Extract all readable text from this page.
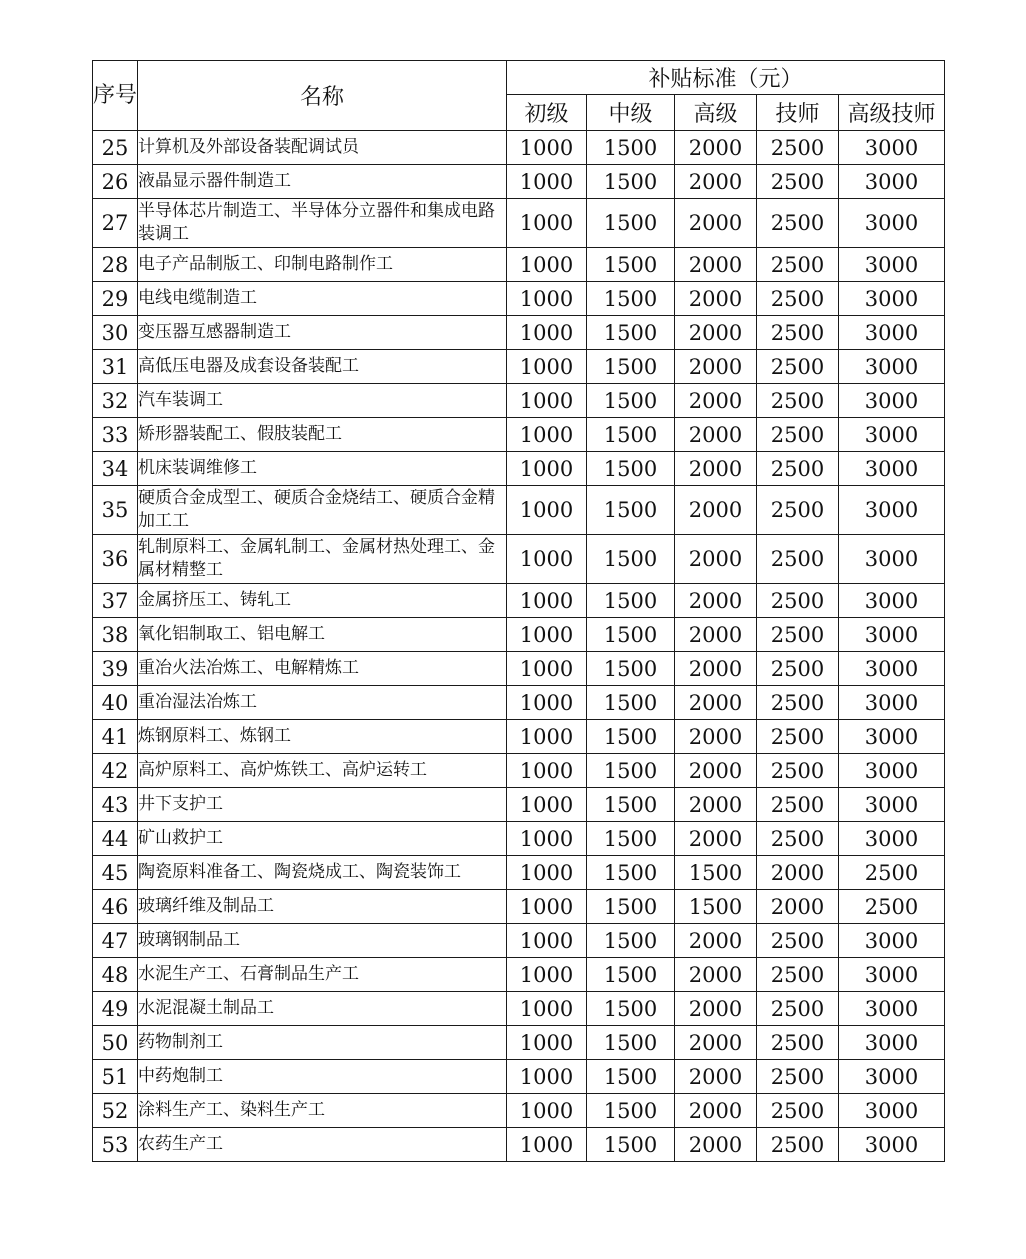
序号	名称	补贴标准（元）				
		初级	中级	高级	技师	高级技师
25	计算机及外部设备装配调试员	1000	1500	2000	2500	3000
26	液晶显示器件制造工	1000	1500	2000	2500	3000
27	半导体芯片制造工、半导体分立器件和集成电路装调工	1000	1500	2000	2500	3000
28	电子产品制版工、印制电路制作工	1000	1500	2000	2500	3000
29	电线电缆制造工	1000	1500	2000	2500	3000
30	变压器互感器制造工	1000	1500	2000	2500	3000
31	高低压电器及成套设备装配工	1000	1500	2000	2500	3000
32	汽车装调工	1000	1500	2000	2500	3000
33	矫形器装配工、假肢装配工	1000	1500	2000	2500	3000
34	机床装调维修工	1000	1500	2000	2500	3000
35	硬质合金成型工、硬质合金烧结工、硬质合金精加工工	1000	1500	2000	2500	3000
36	轧制原料工、金属轧制工、金属材热处理工、金属材精整工	1000	1500	2000	2500	3000
37	金属挤压工、铸轧工	1000	1500	2000	2500	3000
38	氧化铝制取工、铝电解工	1000	1500	2000	2500	3000
39	重冶火法冶炼工、电解精炼工	1000	1500	2000	2500	3000
40	重冶湿法冶炼工	1000	1500	2000	2500	3000
41	炼钢原料工、炼钢工	1000	1500	2000	2500	3000
42	高炉原料工、高炉炼铁工、高炉运转工	1000	1500	2000	2500	3000
43	井下支护工	1000	1500	2000	2500	3000
44	矿山救护工	1000	1500	2000	2500	3000
45	陶瓷原料准备工、陶瓷烧成工、陶瓷装饰工	1000	1500	1500	2000	2500
46	玻璃纤维及制品工	1000	1500	1500	2000	2500
47	玻璃钢制品工	1000	1500	2000	2500	3000
48	水泥生产工、石膏制品生产工	1000	1500	2000	2500	3000
49	水泥混凝土制品工	1000	1500	2000	2500	3000
50	药物制剂工	1000	1500	2000	2500	3000
51	中药炮制工	1000	1500	2000	2500	3000
52	涂料生产工、染料生产工	1000	1500	2000	2500	3000
53	农药生产工	1000	1500	2000	2500	3000
